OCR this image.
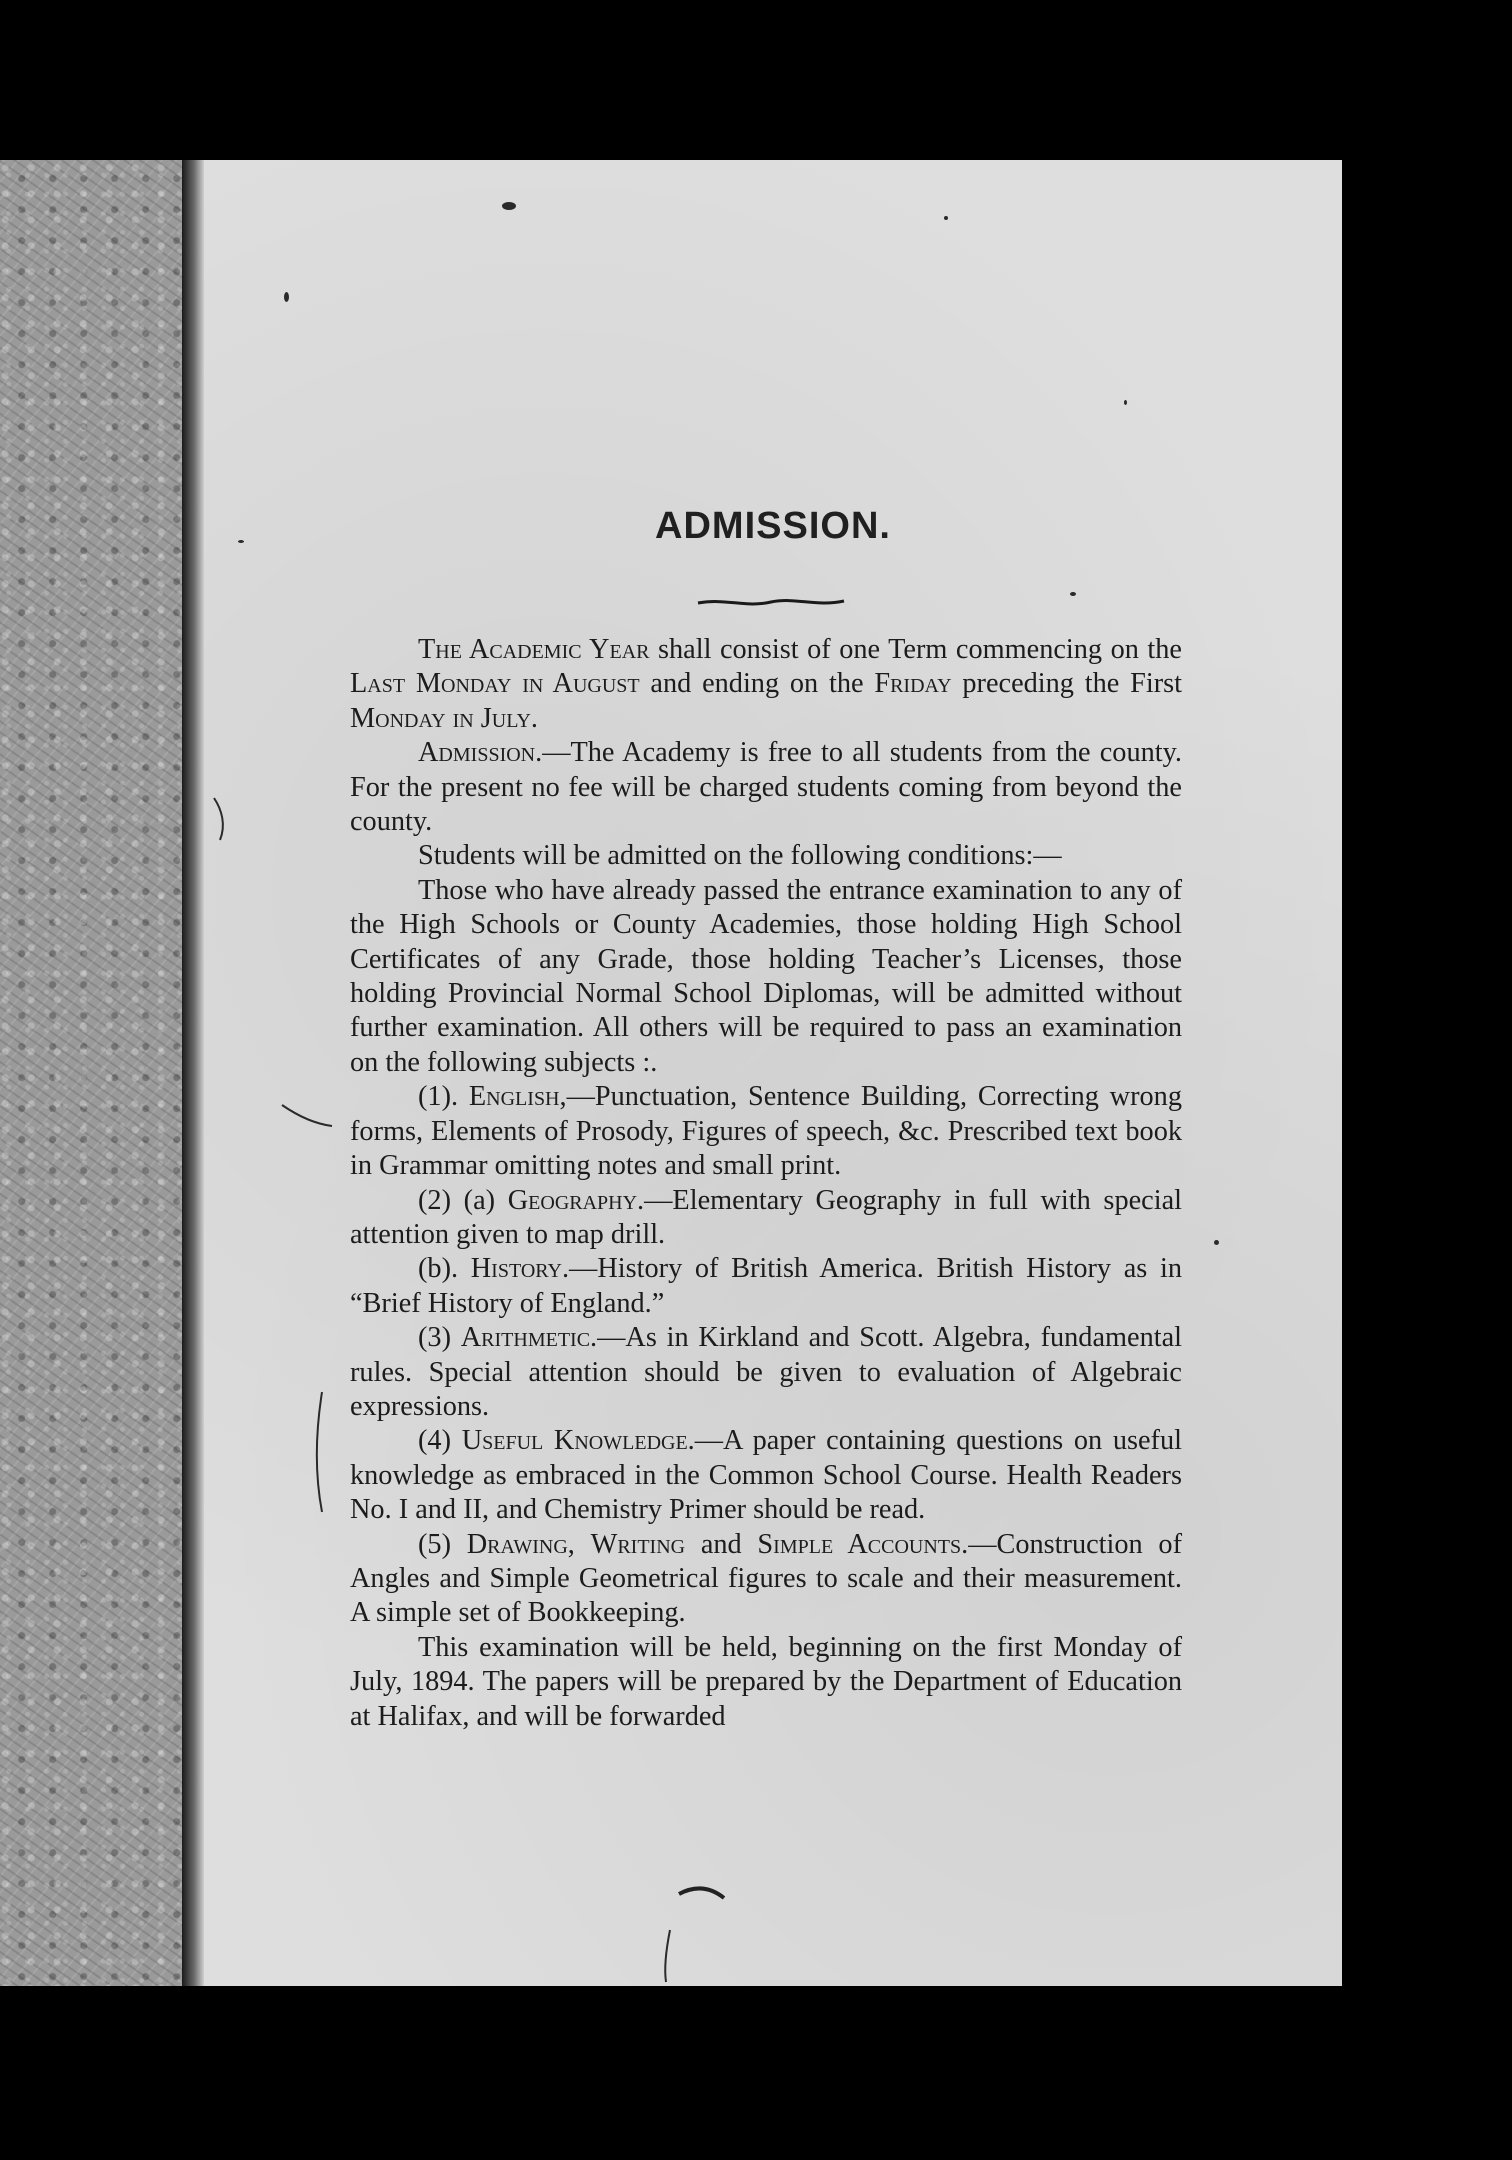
ADMISSION.

The Academic Year shall consist of one Term commencing on the Last Monday in August and ending on the Friday preceding the First Monday in July.

Admission.—The Academy is free to all students from the county. For the present no fee will be charged students coming from beyond the county.

Students will be admitted on the following conditions:—

Those who have already passed the entrance examination to any of the High Schools or County Academies, those holding High School Certificates of any Grade, those holding Teacher’s Licenses, those holding Provincial Normal School Diplomas, will be admitted without further examination. All others will be required to pass an examination on the following subjects :.

(1). English,—Punctuation, Sentence Building, Correcting wrong forms, Elements of Prosody, Figures of speech, &c. Prescribed text book in Grammar omitting notes and small print.

(2) (a) Geography.—Elementary Geography in full with special attention given to map drill.

(b). History.—History of British America. British History as in “Brief History of England.”

(3) Arithmetic.—As in Kirkland and Scott. Algebra, fundamental rules. Special attention should be given to evaluation of Algebraic expressions.

(4) Useful Knowledge.—A paper containing questions on useful knowledge as embraced in the Common School Course. Health Readers No. I and II, and Chemistry Primer should be read.

(5) Drawing, Writing and Simple Accounts.—Construction of Angles and Simple Geometrical figures to scale and their measurement. A simple set of Bookkeeping.

This examination will be held, beginning on the first Monday of July, 1894. The papers will be prepared by the Department of Education at Halifax, and will be forwarded
